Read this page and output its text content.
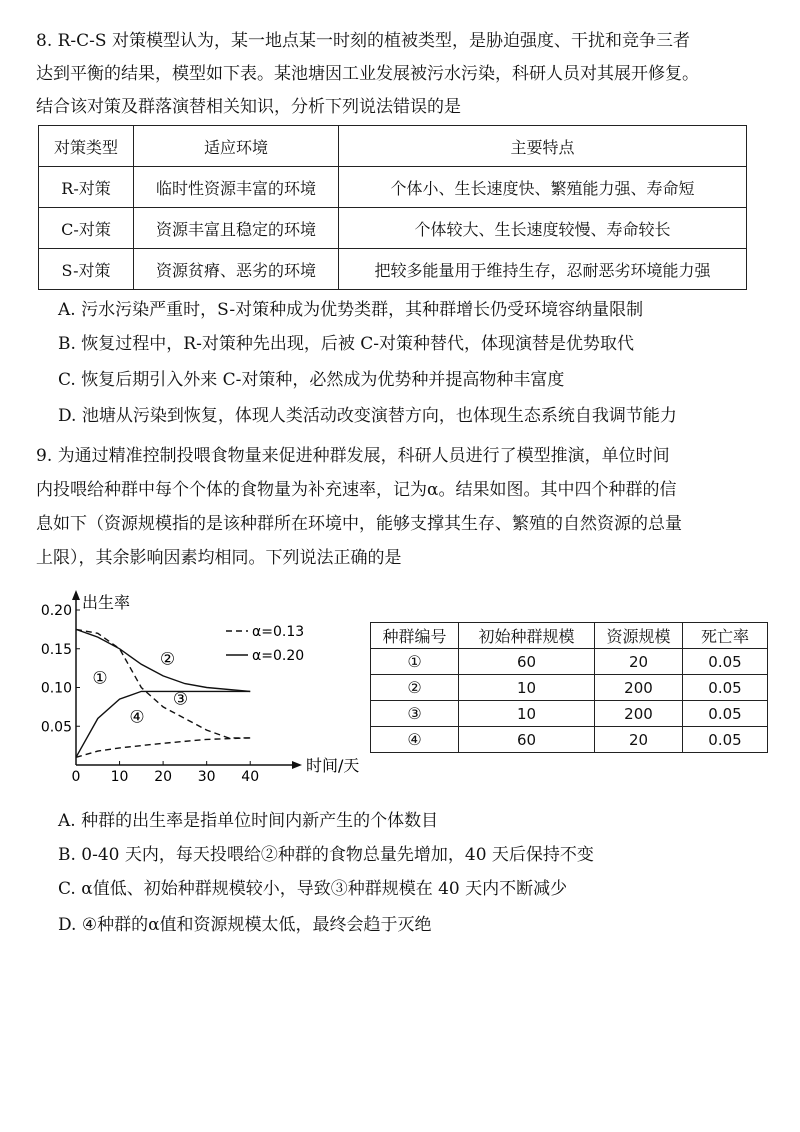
8. R-C-S 对策模型认为，某一地点某一时刻的植被类型，是胁迫强度、干扰和竞争三者
达到平衡的结果，模型如下表。某池塘因工业发展被污水污染，科研人员对其展开修复。
结合该对策及群落演替相关知识，分析下列说法错误的是
对策类型	适应环境	主要特点
R-对策	临时性资源丰富的环境	个体小、生长速度快、繁殖能力强、寿命短
C-对策	资源丰富且稳定的环境	个体较大、生长速度较慢、寿命较长
S-对策	资源贫瘠、恶劣的环境	把较多能量用于维持生存，忍耐恶劣环境能力强
A. 污水污染严重时，S-对策种成为优势类群，其种群增长仍受环境容纳量限制
B. 恢复过程中，R-对策种先出现，后被 C-对策种替代，体现演替是优势取代
C. 恢复后期引入外来 C-对策种，必然成为优势种并提高物种丰富度
D. 池塘从污染到恢复，体现人类活动改变演替方向，也体现生态系统自我调节能力
9. 为通过精准控制投喂食物量来促进种群发展，科研人员进行了模型推演，单位时间
内投喂给种群中每个个体的食物量为补充速率，记为α。结果如图。其中四个种群的信
息如下（资源规模指的是该种群所在环境中，能够支撑其生存、繁殖的自然资源的总量
上限），其余影响因素均相同。下列说法正确的是
出生率
时间/天
0 10 20 30 40
0.05
0.10
0.15
0.20
①
②
③
④
α=0.13
α=0.20
种群编号	初始种群规模	资源规模	死亡率
①	60	20	0.05
②	10	200	0.05
③	10	200	0.05
④	60	20	0.05
A. 种群的出生率是指单位时间内新产生的个体数目
B. 0-40 天内，每天投喂给②种群的食物总量先增加，40 天后保持不变
C. α值低、初始种群规模较小，导致③种群规模在 40 天内不断减少
D. ④种群的α值和资源规模太低，最终会趋于灭绝
